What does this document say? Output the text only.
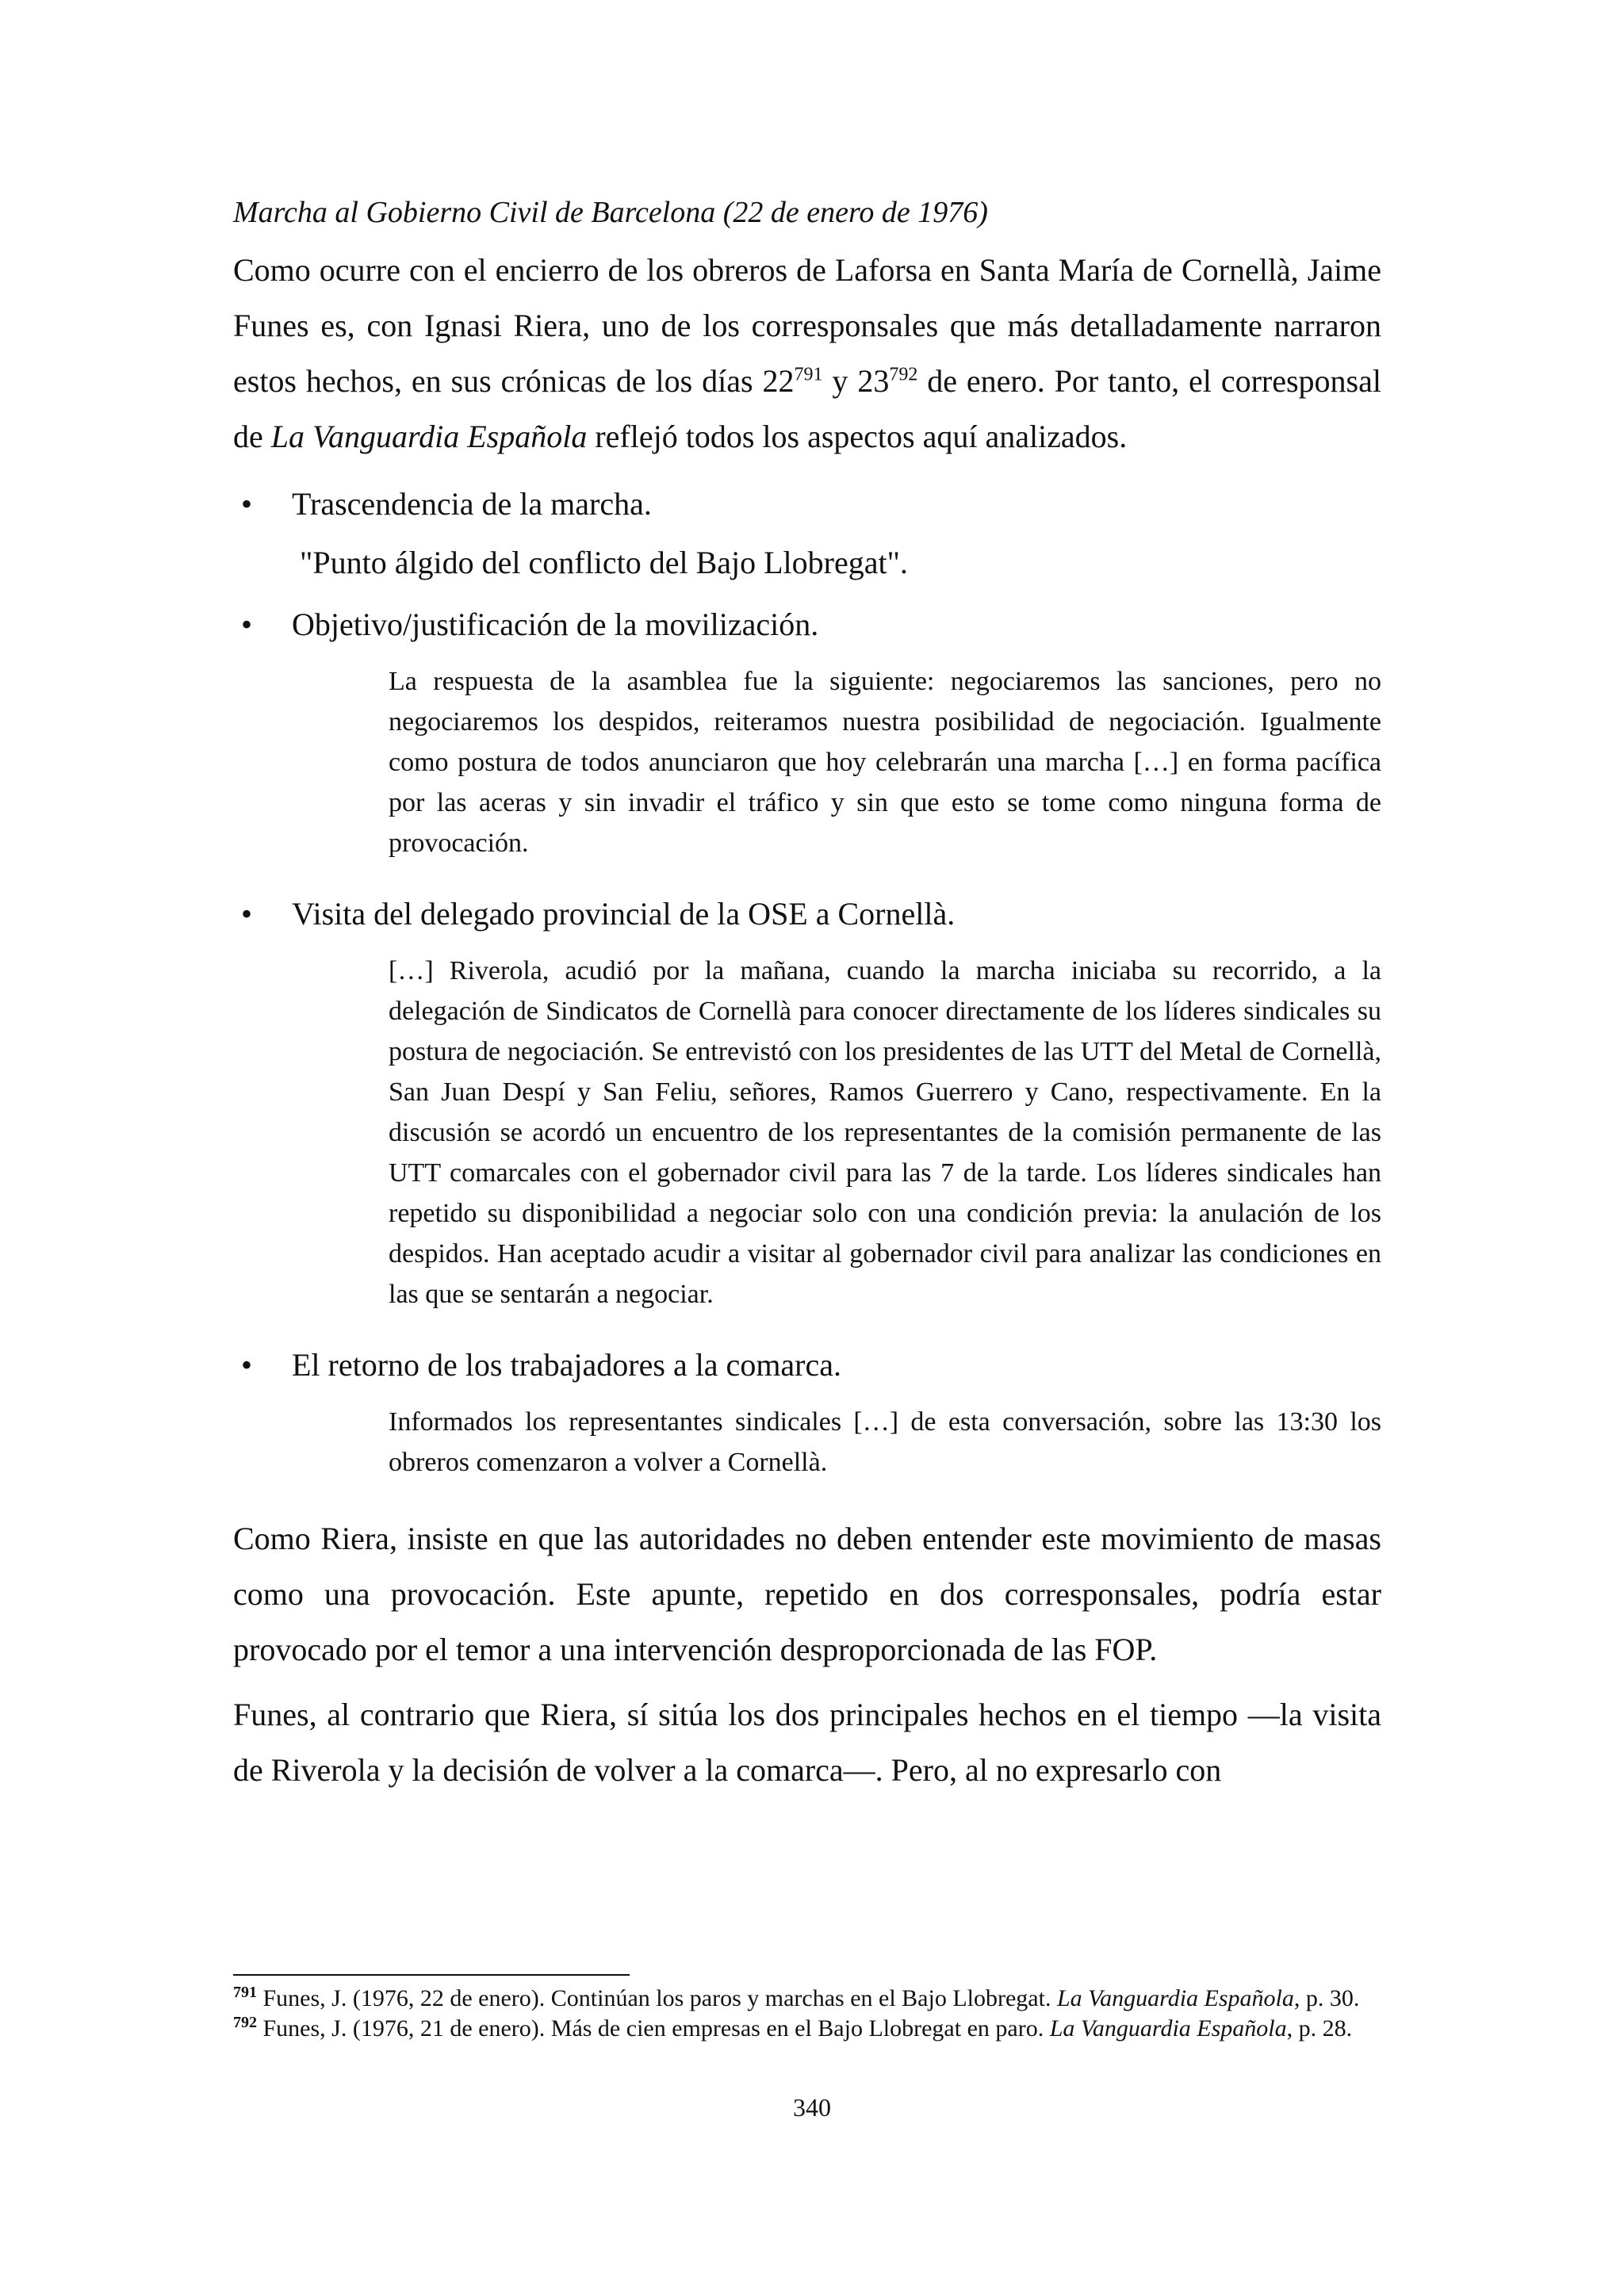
Marcha al Gobierno Civil de Barcelona (22 de enero de 1976)

Como ocurre con el encierro de los obreros de Laforsa en Santa María de Cornellà, Jaime Funes es, con Ignasi Riera, uno de los corresponsales que más detalladamente narraron estos hechos, en sus crónicas de los días 22$^{791}$ y 23$^{792}$ de enero. Por tanto, el corresponsal de La Vanguardia Española reflejó todos los aspectos aquí analizados.

• Trascendencia de la marcha.

"Punto álgido del conflicto del Bajo Llobregat".

• Objetivo/justificación de la movilización.

La respuesta de la asamblea fue la siguiente: negociaremos las sanciones, pero no negociaremos los despidos, reiteramos nuestra posibilidad de negociación. Igualmente como postura de todos anunciaron que hoy celebrarán una marcha […] en forma pacífica por las aceras y sin invadir el tráfico y sin que esto se tome como ninguna forma de provocación.

• Visita del delegado provincial de la OSE a Cornellà.

[…] Riverola, acudió por la mañana, cuando la marcha iniciaba su recorrido, a la delegación de Sindicatos de Cornellà para conocer directamente de los líderes sindicales su postura de negociación. Se entrevistó con los presidentes de las UTT del Metal de Cornellà, San Juan Despí y San Feliu, señores, Ramos Guerrero y Cano, respectivamente. En la discusión se acordó un encuentro de los representantes de la comisión permanente de las UTT comarcales con el gobernador civil para las 7 de la tarde. Los líderes sindicales han repetido su disponibilidad a negociar solo con una condición previa: la anulación de los despidos. Han aceptado acudir a visitar al gobernador civil para analizar las condiciones en las que se sentarán a negociar.

• El retorno de los trabajadores a la comarca.

Informados los representantes sindicales […] de esta conversación, sobre las 13:30 los obreros comenzaron a volver a Cornellà.

Como Riera, insiste en que las autoridades no deben entender este movimiento de masas como una provocación. Este apunte, repetido en dos corresponsales, podría estar provocado por el temor a una intervención desproporcionada de las FOP.

Funes, al contrario que Riera, sí sitúa los dos principales hechos en el tiempo —la visita de Riverola y la decisión de volver a la comarca—. Pero, al no expresarlo con

$^{791}$ Funes, J. (1976, 22 de enero). Continúan los paros y marchas en el Bajo Llobregat. La Vanguardia Española, p. 30.

$^{792}$ Funes, J. (1976, 21 de enero). Más de cien empresas en el Bajo Llobregat en paro. La Vanguardia Española, p. 28.

340
